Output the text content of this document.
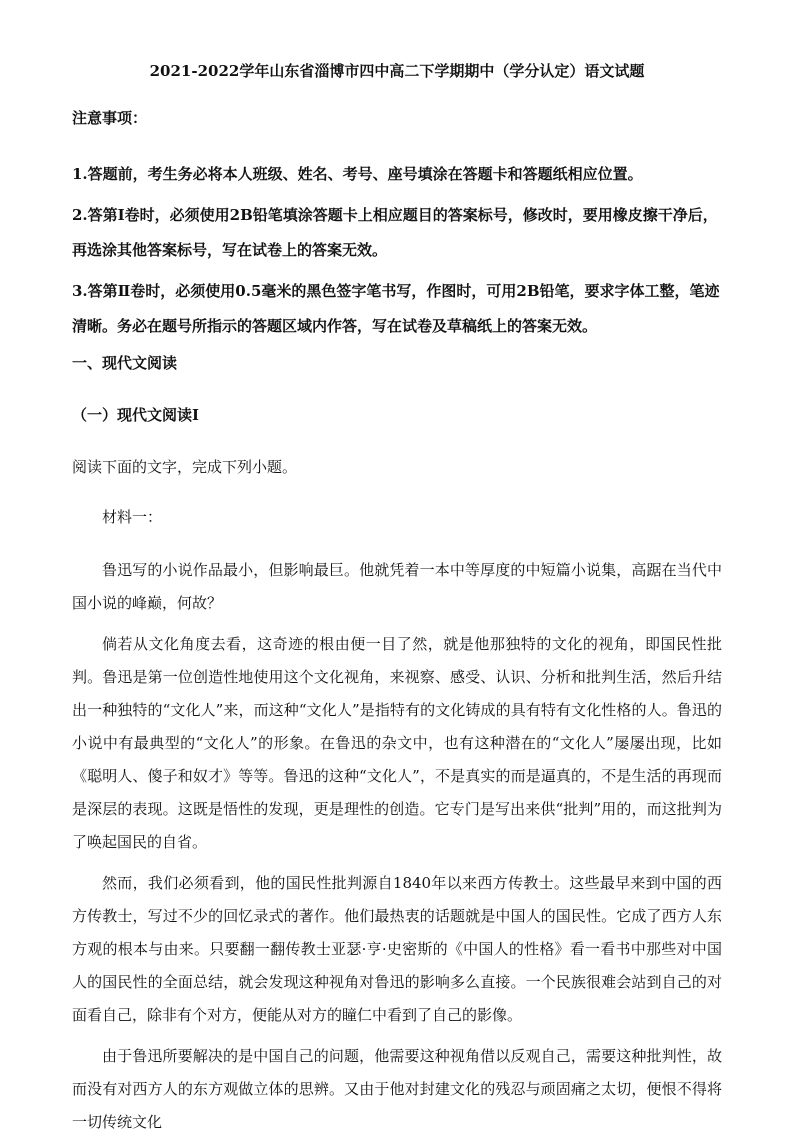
2021-2022学年山东省淄博市四中高二下学期期中（学分认定）语文试题
注意事项：
1.答题前，考生务必将本人班级、姓名、考号、座号填涂在答题卡和答题纸相应位置。
2.答第Ⅰ卷时，必须使用2B铅笔填涂答题卡上相应题目的答案标号，修改时，要用橡皮擦干净后，再选涂其他答案标号，写在试卷上的答案无效。
3.答第Ⅱ卷时，必须使用0.5毫米的黑色签字笔书写，作图时，可用2B铅笔，要求字体工整，笔迹清晰。务必在题号所指示的答题区域内作答，写在试卷及草稿纸上的答案无效。
一、现代文阅读
（一）现代文阅读Ⅰ
阅读下面的文字，完成下列小题。
材料一：

鲁迅写的小说作品最小，但影响最巨。他就凭着一本中等厚度的中短篇小说集，高踞在当代中国小说的峰巅，何故？

倘若从文化角度去看，这奇迹的根由便一目了然，就是他那独特的文化的视角，即国民性批判。鲁迅是第一位创造性地使用这个文化视角，来视察、感受、认识、分析和批判生活，然后升结出一种独特的“文化人”来，而这种“文化人”是指特有的文化铸成的具有特有文化性格的人。鲁迅的小说中有最典型的“文化人”的形象。在鲁迅的杂文中，也有这种潜在的“文化人”屡屡出现，比如《聪明人、傻子和奴才》等等。鲁迅的这种“文化人”，不是真实的而是逼真的，不是生活的再现而是深层的表现。这既是悟性的发现，更是理性的创造。它专门是写出来供“批判”用的，而这批判为了唤起国民的自省。

然而，我们必须看到，他的国民性批判源自1840年以来西方传教士。这些最早来到中国的西方传教士，写过不少的回忆录式的著作。他们最热衷的话题就是中国人的国民性。它成了西方人东方观的根本与由来。只要翻一翻传教士亚瑟·亨·史密斯的《中国人的性格》看一看书中那些对中国人的国民性的全面总结，就会发现这种视角对鲁迅的影响多么直接。一个民族很难会站到自己的对面看自己，除非有个对方，便能从对方的瞳仁中看到了自己的影像。

由于鲁迅所要解决的是中国自己的问题，他需要这种视角借以反观自己，需要这种批判性，故而没有对西方人的东方观做立体的思辨。又由于他对封建文化的残忍与顽固痛之太切，便恨不得将一切传统文化
